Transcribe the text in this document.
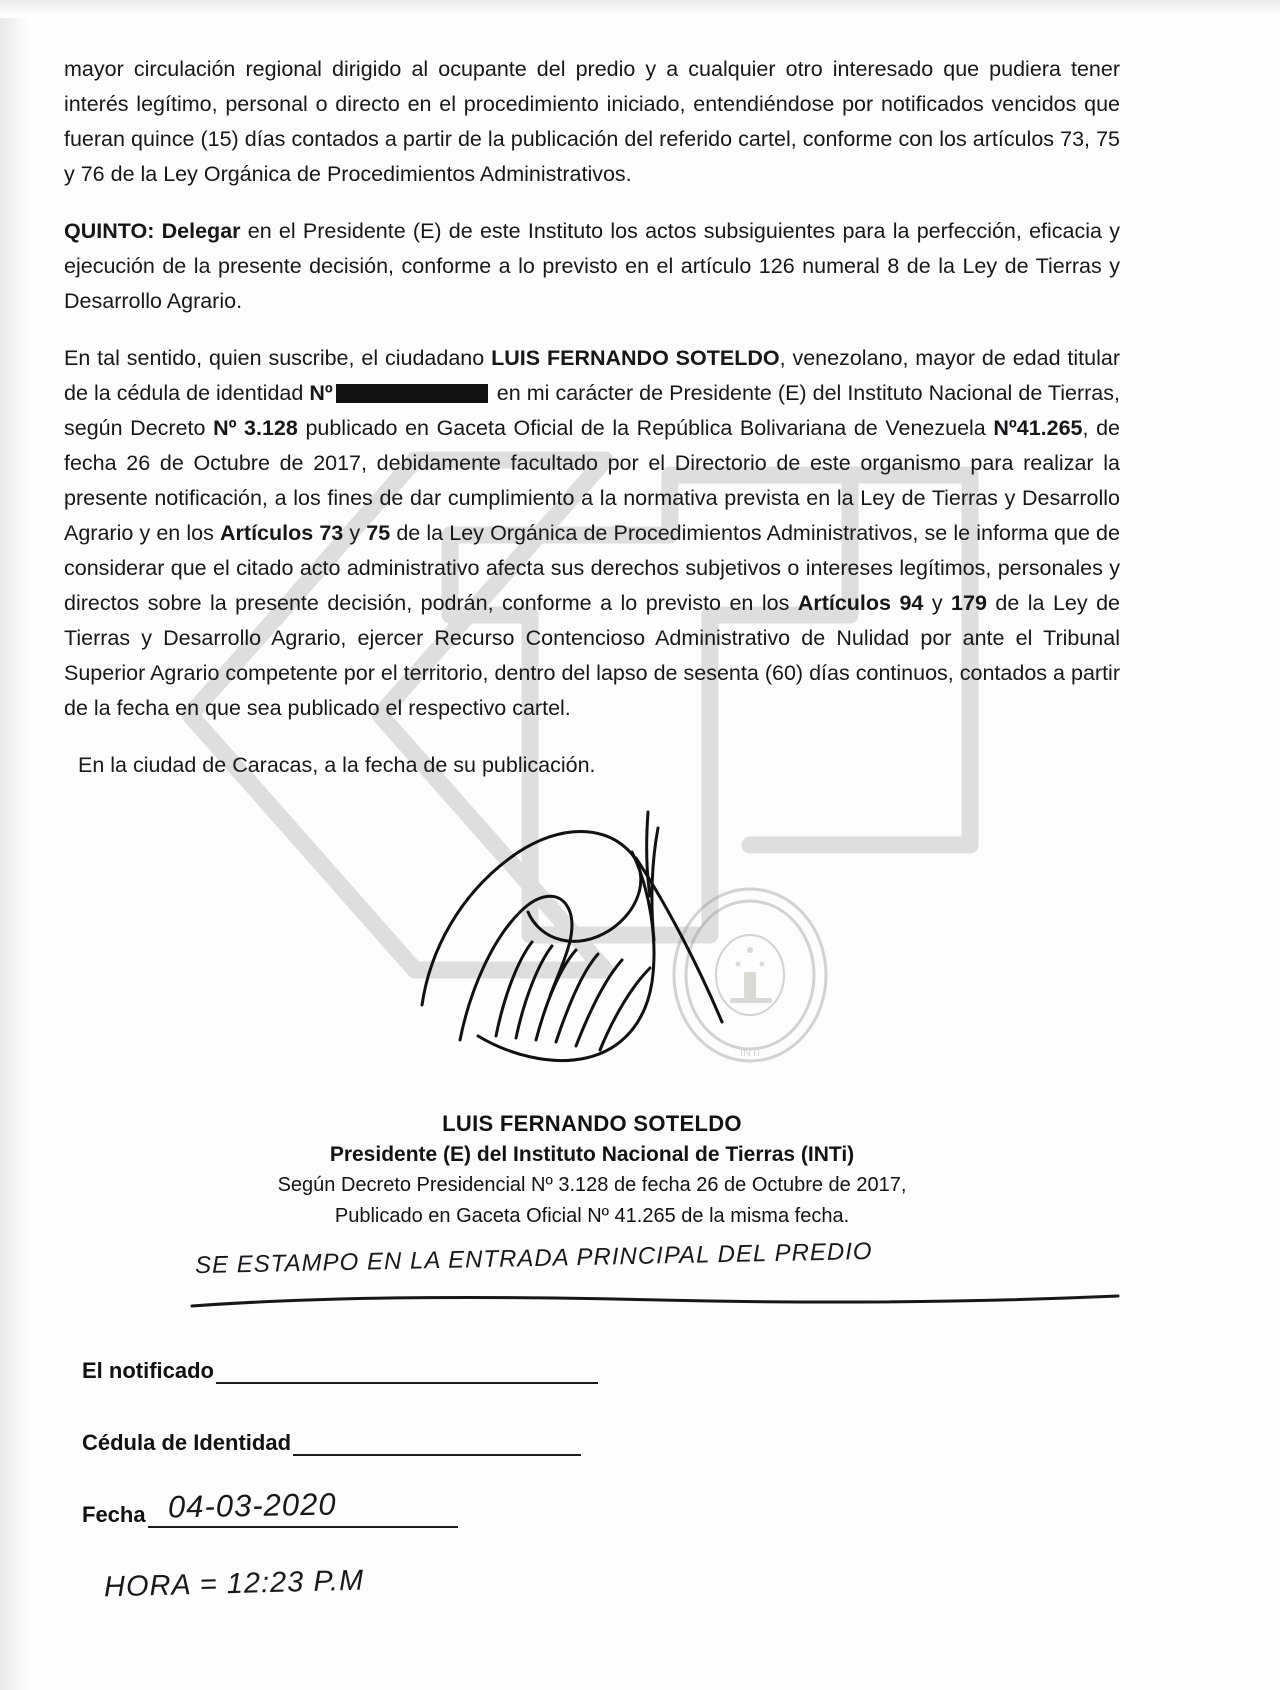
INTi

mayor circulación regional dirigido al ocupante del predio y a cualquier otro interesado que pudiera tener interés legítimo, personal o directo en el procedimiento iniciado, entendiéndose por notificados vencidos que fueran quince (15) días contados a partir de la publicación del referido cartel, conforme con los artículos 73, 75 y 76 de la Ley Orgánica de Procedimientos Administrativos.

QUINTO: Delegar en el Presidente (E) de este Instituto los actos subsiguientes para la perfección, eficacia y ejecución de la presente decisión, conforme a lo previsto en el artículo 126 numeral 8 de la Ley de Tierras y Desarrollo Agrario.

En tal sentido, quien suscribe, el ciudadano LUIS FERNANDO SOTELDO, venezolano, mayor de edad titular de la cédula de identidad Nº	en mi carácter de Presidente (E) del Instituto Nacional de Tierras, según Decreto Nº 3.128 publicado en Gaceta Oficial de la República Bolivariana de Venezuela Nº41.265, de fecha 26 de Octubre de 2017, debidamente facultado por el Directorio de este organismo para realizar la presente notificación, a los fines de dar cumplimiento a la normativa prevista en la Ley de Tierras y Desarrollo Agrario y en los Artículos 73 y 75 de la Ley Orgánica de Procedimientos Administrativos, se le informa que de considerar que el citado acto administrativo afecta sus derechos subjetivos o intereses legítimos, personales y directos sobre la presente decisión, podrán, conforme a lo previsto en los Artículos 94 y 179 de la Ley de Tierras y Desarrollo Agrario, ejercer Recurso Contencioso Administrativo de Nulidad por ante el Tribunal Superior Agrario competente por el territorio, dentro del lapso de sesenta (60) días continuos, contados a partir de la fecha en que sea publicado el respectivo cartel.

En la ciudad de Caracas, a la fecha de su publicación.

LUIS FERNANDO SOTELDO
Presidente (E) del Instituto Nacional de Tierras (INTi)
Según Decreto Presidencial Nº 3.128 de fecha 26 de Octubre de 2017,
Publicado en Gaceta Oficial Nº 41.265 de la misma fecha.
SE ESTAMPO EN LA ENTRADA PRINCIPAL DEL PREDIO
El notificado
Cédula de Identidad
Fecha 04-03-2020
HORA = 12:23 P.M
